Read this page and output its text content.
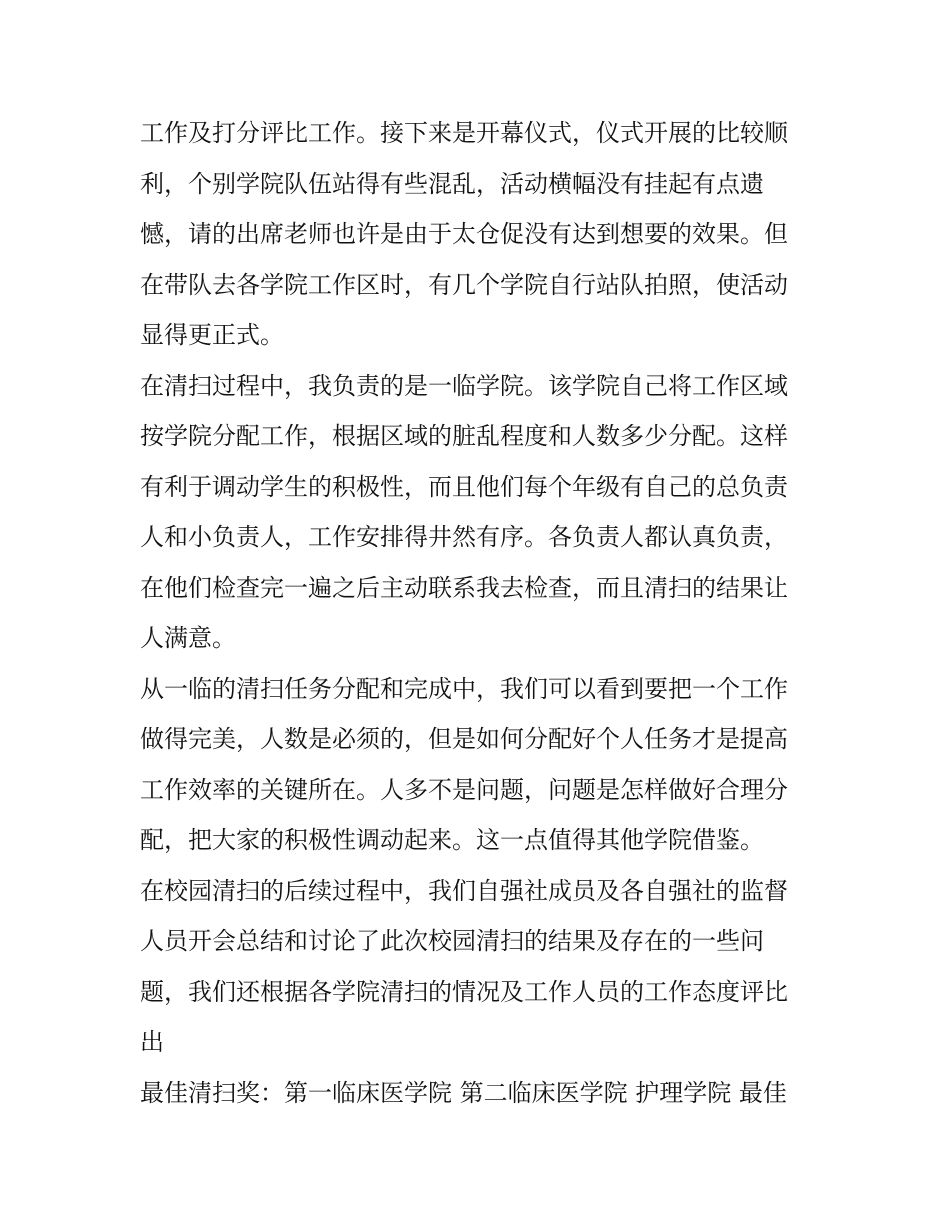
工作及打分评比工作。接下来是开幕仪式，仪式开展的比较顺
利，个别学院队伍站得有些混乱，活动横幅没有挂起有点遗
憾，请的出席老师也许是由于太仓促没有达到想要的效果。但
在带队去各学院工作区时，有几个学院自行站队拍照，使活动
显得更正式。
在清扫过程中，我负责的是一临学院。该学院自己将工作区域
按学院分配工作，根据区域的脏乱程度和人数多少分配。这样
有利于调动学生的积极性，而且他们每个年级有自己的总负责
人和小负责人，工作安排得井然有序。各负责人都认真负责，
在他们检查完一遍之后主动联系我去检查，而且清扫的结果让
人满意。
从一临的清扫任务分配和完成中，我们可以看到要把一个工作
做得完美，人数是必须的，但是如何分配好个人任务才是提高
工作效率的关键所在。人多不是问题，问题是怎样做好合理分
配，把大家的积极性调动起来。这一点值得其他学院借鉴。
在校园清扫的后续过程中，我们自强社成员及各自强社的监督
人员开会总结和讨论了此次校园清扫的结果及存在的一些问
题，我们还根据各学院清扫的情况及工作人员的工作态度评比
出
最佳清扫奖：第一临床医学院 第二临床医学院 护理学院 最佳
